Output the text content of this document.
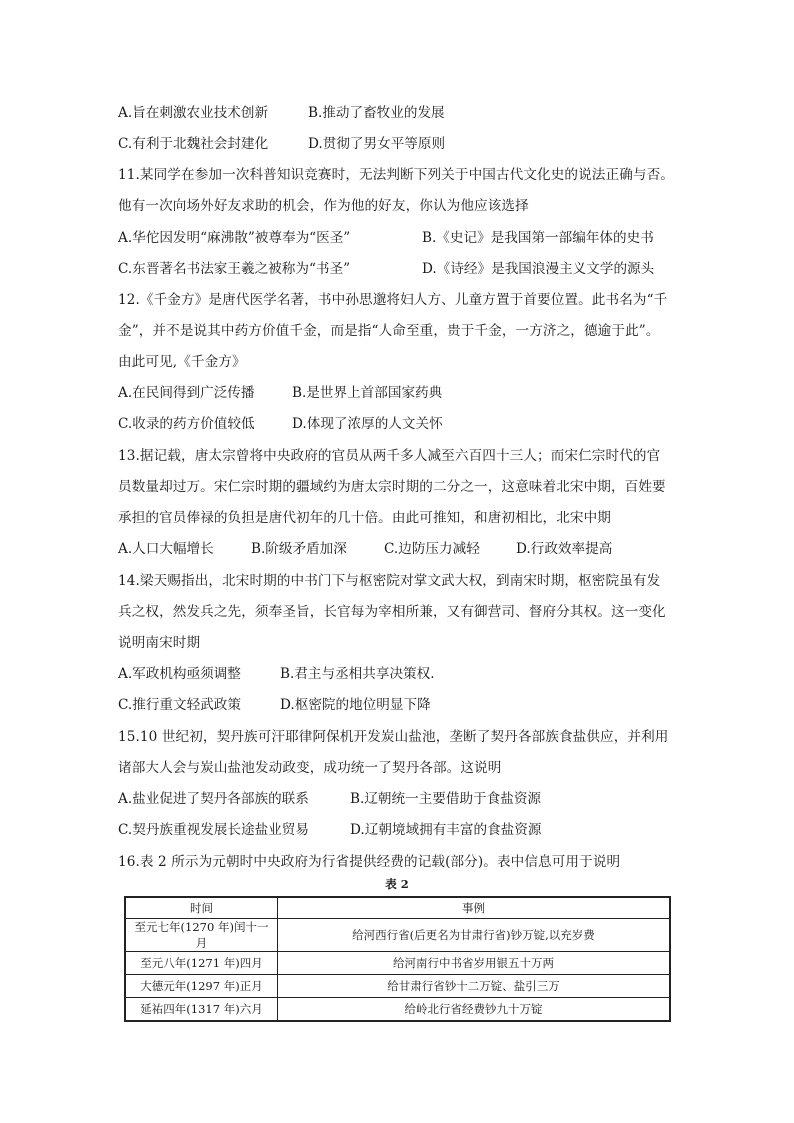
A.旨在刺激农业技术创新	B.推动了畜牧业的发展
C.有利于北魏社会封建化	D.贯彻了男女平等原则
11.某同学在参加一次科普知识竞赛时，无法判断下列关于中国古代文化史的说法正确与否。
他有一次向场外好友求助的机会，作为他的好友，你认为他应该选择
A.华佗因发明“麻沸散”被尊奉为“医圣”	B.《史记》是我国第一部编年体的史书
C.东晋著名书法家王羲之被称为“书圣”	D.《诗经》是我国浪漫主义文学的源头
12.《千金方》是唐代医学名著，书中孙思邈将妇人方、儿童方置于首要位置。此书名为“千
金”，并不是说其中药方价值千金，而是指“人命至重，贵于千金，一方济之，德逾于此”。
由此可见,《千金方》
A.在民间得到广泛传播	B.是世界上首部国家药典
C.收录的药方价值较低	D.体现了浓厚的人文关怀
13.据记载，唐太宗曾将中央政府的官员从两千多人减至六百四十三人；而宋仁宗时代的官
员数量却过万。宋仁宗时期的疆域约为唐太宗时期的二分之一，这意味着北宋中期，百姓要
承担的官员俸禄的负担是唐代初年的几十倍。由此可推知，和唐初相比，北宋中期
A.人口大幅增长	B.阶级矛盾加深	C.边防压力减轻	D.行政效率提高
14.梁天赐指出，北宋时期的中书门下与枢密院对掌文武大权，到南宋时期，枢密院虽有发
兵之权，然发兵之先，须奉圣旨，长官每为宰相所兼，又有御营司、督府分其权。这一变化
说明南宋时期
A.军政机构亟须调整	B.君主与丞相共享决策权.
C.推行重文轻武政策	D.枢密院的地位明显下降
15.10 世纪初，契丹族可汗耶律阿保机开发炭山盐池，垄断了契丹各部族食盐供应，并利用
诸部大人会与炭山盐池发动政变，成功统一了契丹各部。这说明
A.盐业促进了契丹各部族的联系	B.辽朝统一主要借助于食盐资源
C.契丹族重视发展长途盐业贸易	D.辽朝境域拥有丰富的食盐资源
16.表 2 所示为元朝时中央政府为行省提供经费的记载(部分)。表中信息可用于说明
表 2
时间	事例
至元七年(1270 年)闰十一月	给河西行省(后更名为甘肃行省)钞万锭,以充岁费
至元八年(1271 年)四月	给河南行中书省岁用银五十万两
大德元年(1297 年)正月	给甘肃行省钞十二万锭、盐引三万
延祐四年(1317 年)六月	给岭北行省经费钞九十万锭
